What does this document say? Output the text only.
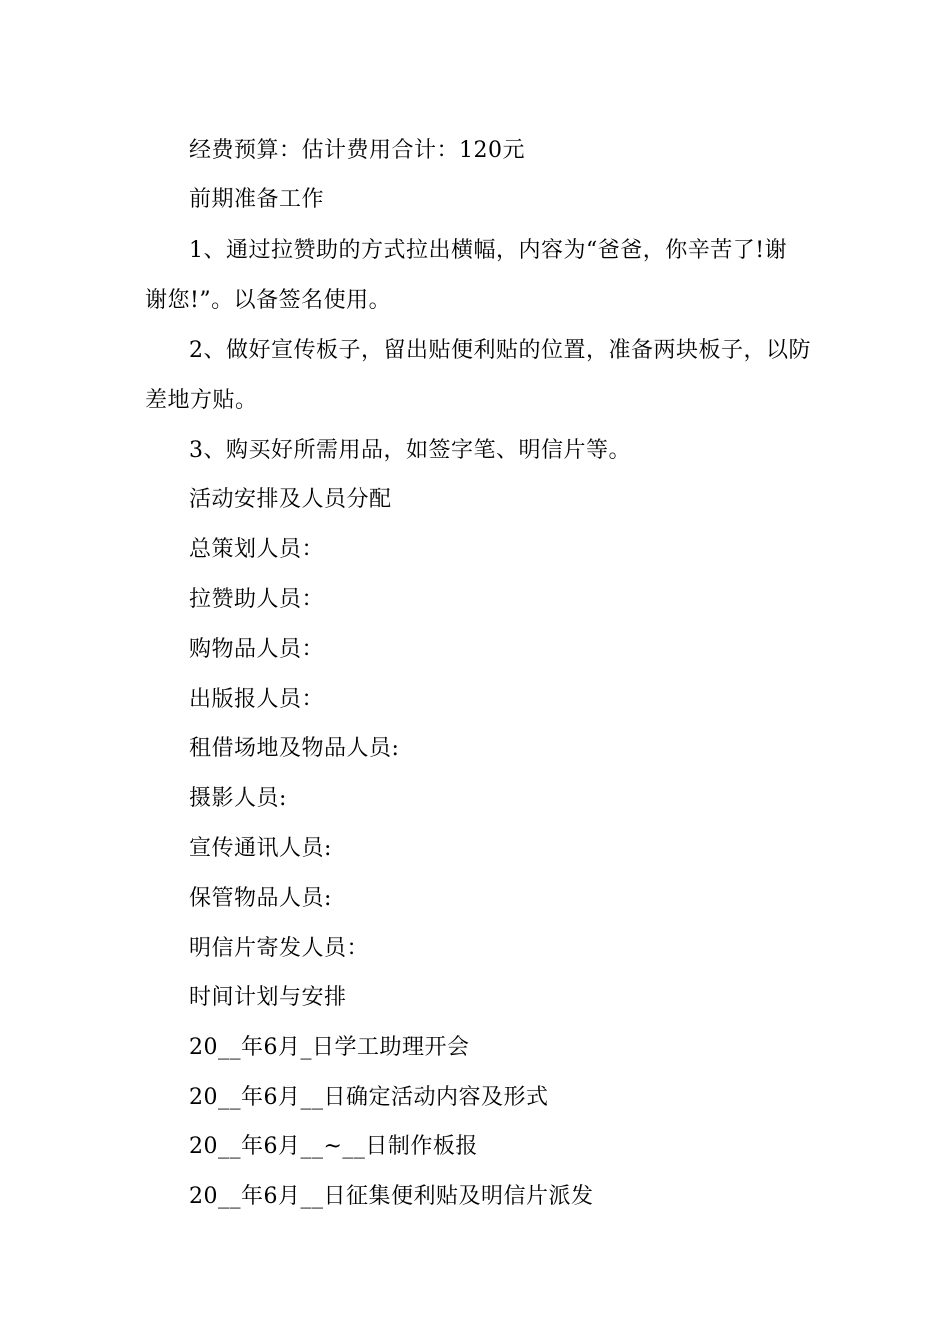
经费预算：估计费用合计：120元
前期准备工作
1、通过拉赞助的方式拉出横幅，内容为“爸爸，你辛苦了!谢
谢您!”。以备签名使用。
2、做好宣传板子，留出贴便利贴的位置，准备两块板子，以防
差地方贴。
3、购买好所需用品，如签字笔、明信片等。
活动安排及人员分配
总策划人员：
拉赞助人员：
购物品人员：
出版报人员：
租借场地及物品人员:
摄影人员:
宣传通讯人员:
保管物品人员:
明信片寄发人员：
时间计划与安排
20__年6月_日学工助理开会
20__年6月__日确定活动内容及形式
20__年6月__~__日制作板报
20__年6月__日征集便利贴及明信片派发
